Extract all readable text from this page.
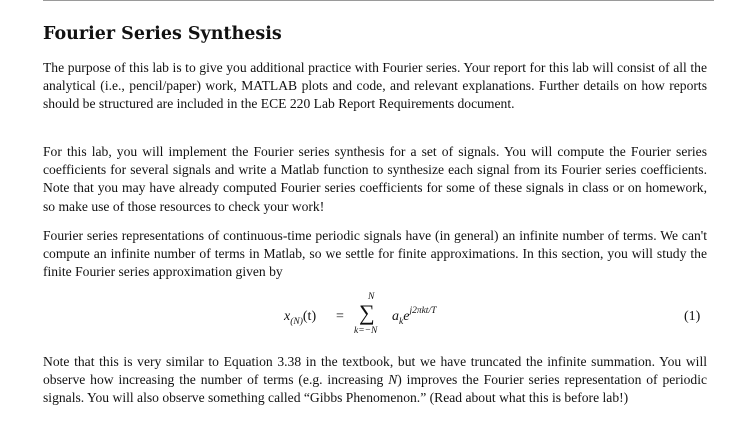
Fourier Series Synthesis

The purpose of this lab is to give you additional practice with Fourier series. Your report for this lab will consist of all the analytical (i.e., pencil/paper) work, MATLAB plots and code, and relevant explanations. Further details on how reports should be structured are included in the ECE 220 Lab Report Requirements document.

For this lab, you will implement the Fourier series synthesis for a set of signals. You will compute the Fourier series coefficients for several signals and write a Matlab function to synthesize each signal from its Fourier series coefficients. Note that you may have already computed Fourier series coefficients for some of these signals in class or on homework, so make use of those resources to check your work!

Fourier series representations of continuous-time periodic signals have (in general) an infinite number of terms. We can't compute an infinite number of terms in Matlab, so we settle for finite approximations. In this section, you will study the finite Fourier series approximation given by

$x_{(N)}(t)$ =
N
∑
k=−N
$a_ke^{j2\pi kt/T}$	(1)

Note that this is very similar to Equation 3.38 in the textbook, but we have truncated the infinite summation. You will observe how increasing the number of terms (e.g. increasing N) improves the Fourier series representation of periodic signals. You will also observe something called “Gibbs Phenomenon.” (Read about what this is before lab!)
